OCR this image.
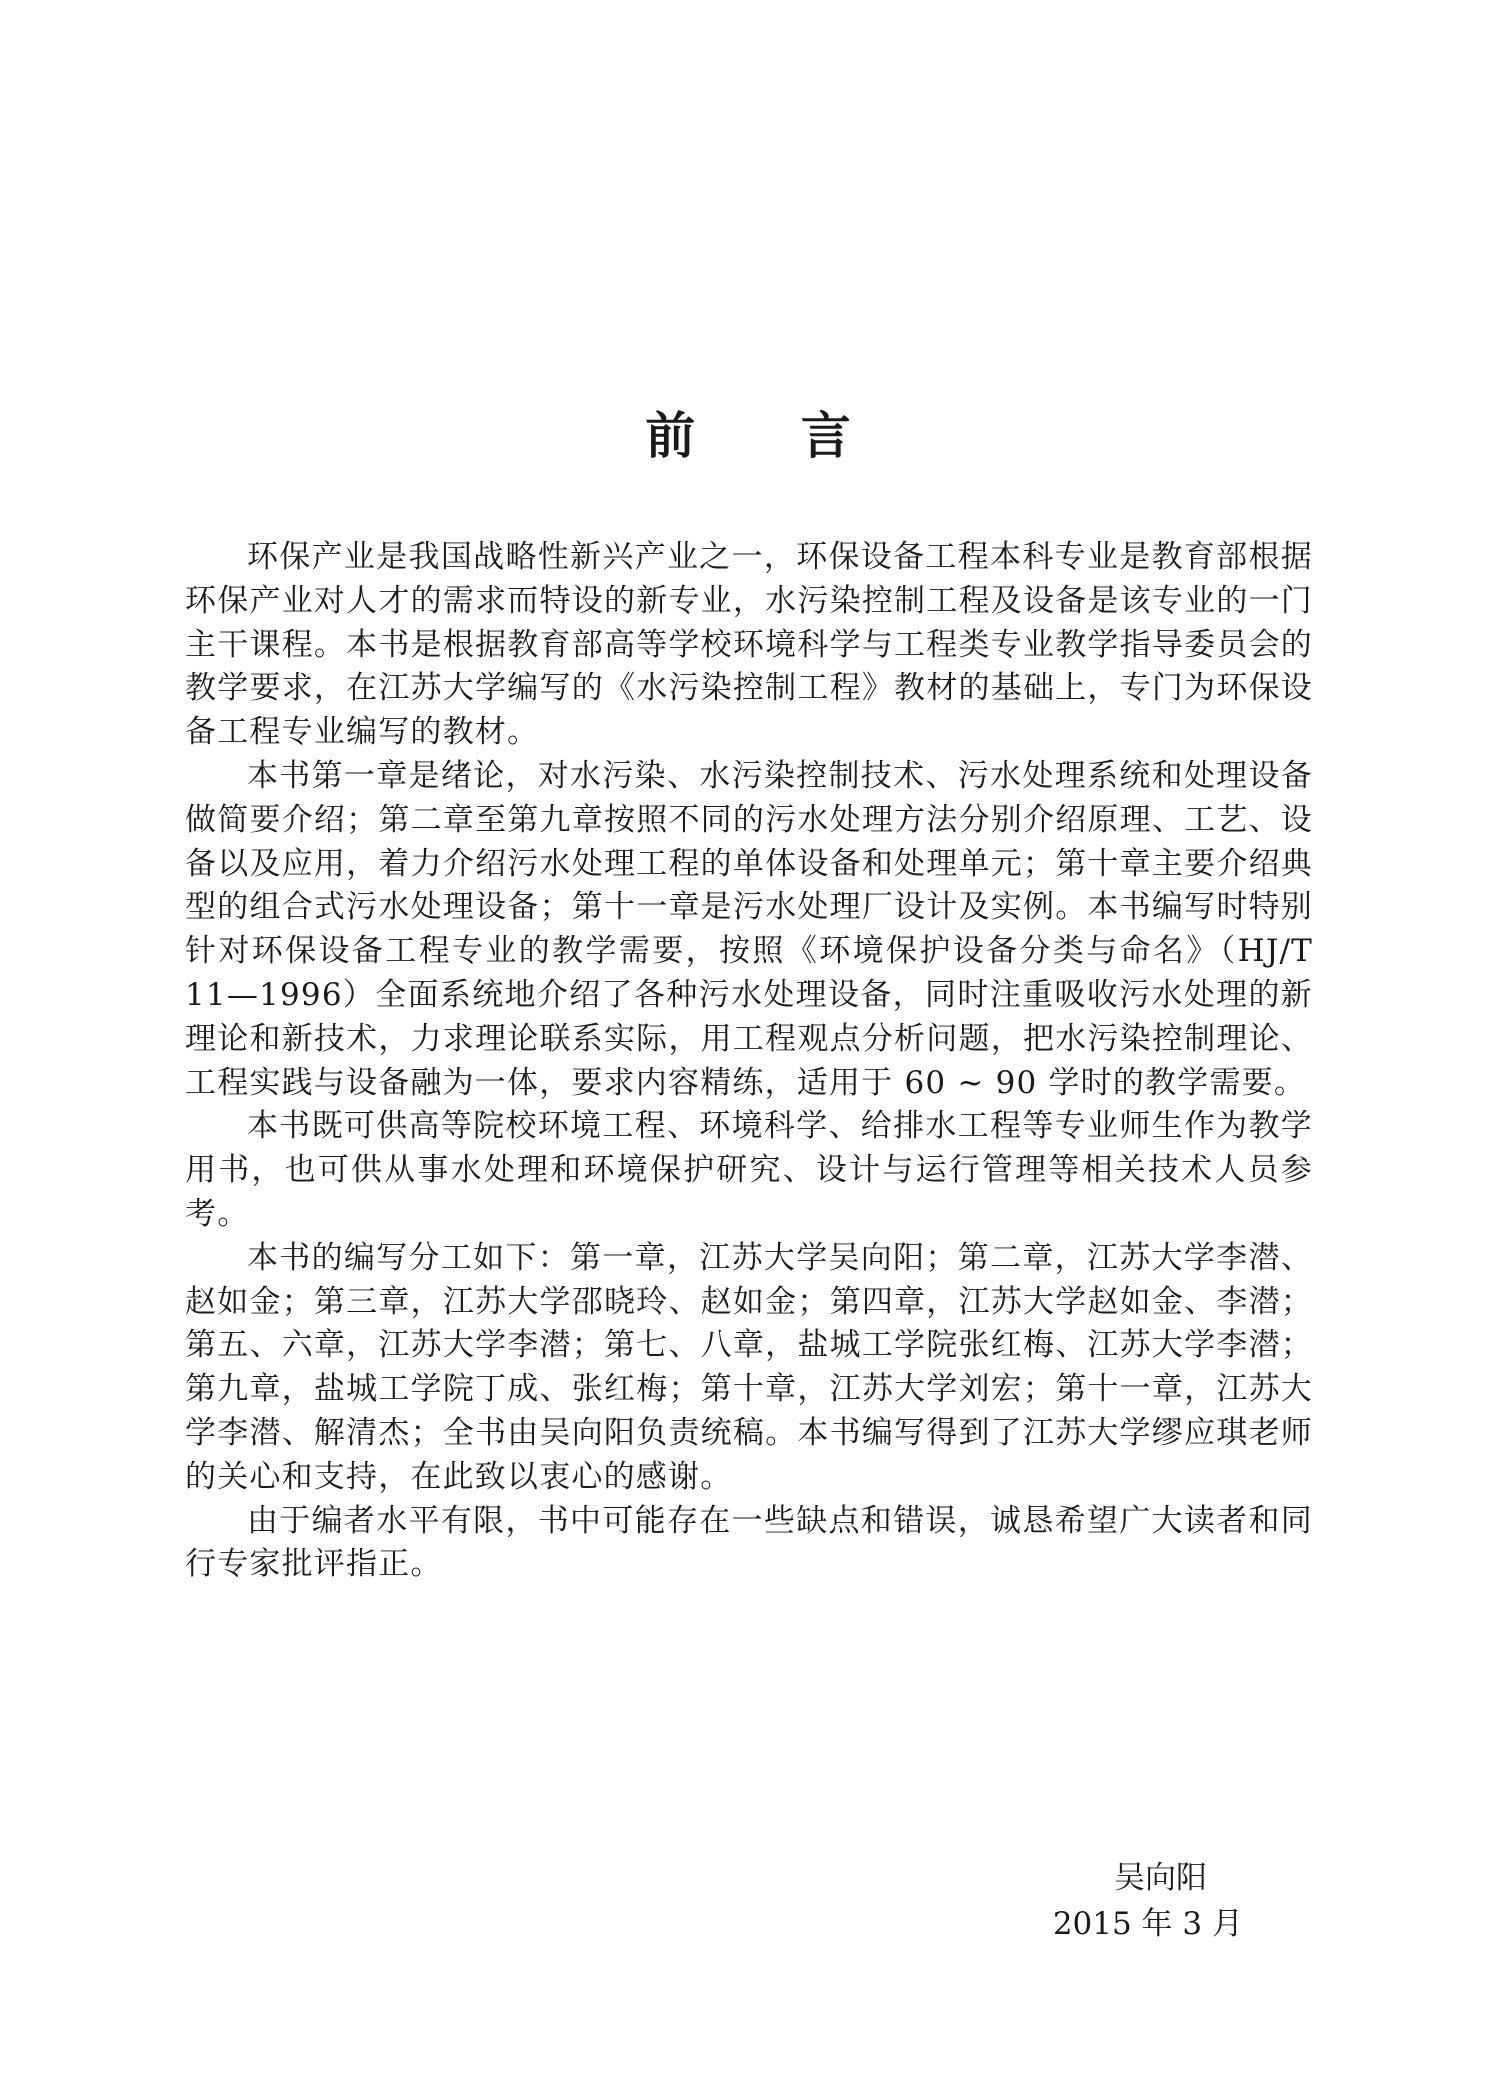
前 言

环保产业是我国战略性新兴产业之一，环保设备工程本科专业是教育部根据环保产业对人才的需求而特设的新专业，水污染控制工程及设备是该专业的一门主干课程。本书是根据教育部高等学校环境科学与工程类专业教学指导委员会的教学要求，在江苏大学编写的《水污染控制工程》教材的基础上，专门为环保设备工程专业编写的教材。

本书第一章是绪论，对水污染、水污染控制技术、污水处理系统和处理设备做简要介绍；第二章至第九章按照不同的污水处理方法分别介绍原理、工艺、设备以及应用，着力介绍污水处理工程的单体设备和处理单元；第十章主要介绍典型的组合式污水处理设备；第十一章是污水处理厂设计及实例。本书编写时特别针对环保设备工程专业的教学需要，按照《环境保护设备分类与命名》（HJ/T 11—1996）全面系统地介绍了各种污水处理设备，同时注重吸收污水处理的新理论和新技术，力求理论联系实际，用工程观点分析问题，把水污染控制理论、工程实践与设备融为一体，要求内容精练，适用于 60 ~ 90 学时的教学需要。

本书既可供高等院校环境工程、环境科学、给排水工程等专业师生作为教学用书，也可供从事水处理和环境保护研究、设计与运行管理等相关技术人员参考。

本书的编写分工如下：第一章，江苏大学吴向阳；第二章，江苏大学李潜、赵如金；第三章，江苏大学邵晓玲、赵如金；第四章，江苏大学赵如金、李潜；第五、六章，江苏大学李潜；第七、八章，盐城工学院张红梅、江苏大学李潜；第九章，盐城工学院丁成、张红梅；第十章，江苏大学刘宏；第十一章，江苏大学李潜、解清杰；全书由吴向阳负责统稿。本书编写得到了江苏大学缪应琪老师的关心和支持，在此致以衷心的感谢。

由于编者水平有限，书中可能存在一些缺点和错误，诚恳希望广大读者和同行专家批评指正。

吴向阳
2015 年 3 月
